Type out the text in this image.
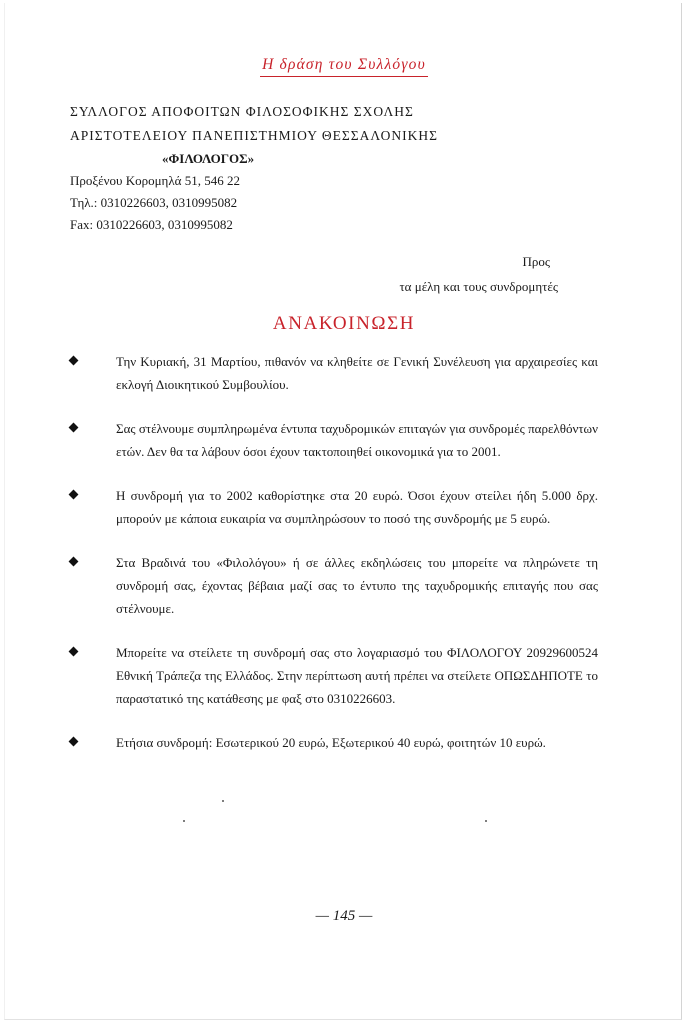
Η δράση του Συλλόγου
ΣΥΛΛΟΓΟΣ ΑΠΟΦΟΙΤΩΝ ΦΙΛΟΣΟΦΙΚΗΣ ΣΧΟΛΗΣ
ΑΡΙΣΤΟΤΕΛΕΙΟΥ ΠΑΝΕΠΙΣΤΗΜΙΟΥ ΘΕΣΣΑΛΟΝΙΚΗΣ
«ΦΙΛΟΛΟΓΟΣ»
Προξένου Κορομηλά 51, 546 22
Τηλ.: 0310226603, 0310995082
Fax: 0310226603, 0310995082
Προς
τα μέλη και τους συνδρομητές
ΑΝΑΚΟΙΝΩΣΗ
Την Κυριακή, 31 Μαρτίου, πιθανόν να κληθείτε σε Γενική Συνέλευση για αρχαιρεσίες και εκλογή Διοικητικού Συμβουλίου.
Σας στέλνουμε συμπληρωμένα έντυπα ταχυδρομικών επιταγών για συνδρομές παρελθόντων ετών. Δεν θα τα λάβουν όσοι έχουν τακτοποιηθεί οικονομικά για το 2001.
Η συνδρομή για το 2002 καθορίστηκε στα 20 ευρώ. Όσοι έχουν στείλει ήδη 5.000 δρχ. μπορούν με κάποια ευκαιρία να συμπληρώσουν το ποσό της συνδρομής με 5 ευρώ.
Στα Βραδινά του «Φιλολόγου» ή σε άλλες εκδηλώσεις του μπορείτε να πληρώνετε τη συνδρομή σας, έχοντας βέβαια μαζί σας το έντυπο της ταχυδρομικής επιταγής που σας στέλνουμε.
Μπορείτε να στείλετε τη συνδρομή σας στο λογαριασμό του ΦΙΛΟΛΟΓΟΥ 20929600524 Εθνική Τράπεζα της Ελλάδος. Στην περίπτωση αυτή πρέπει να στείλετε ΟΠΩΣΔΗΠΟΤΕ το παραστατικό της κατάθεσης με φαξ στο 0310226603.
Ετήσια συνδρομή: Εσωτερικού 20 ευρώ, Εξωτερικού 40 ευρώ, φοιτητών 10 ευρώ.
— 145 —
